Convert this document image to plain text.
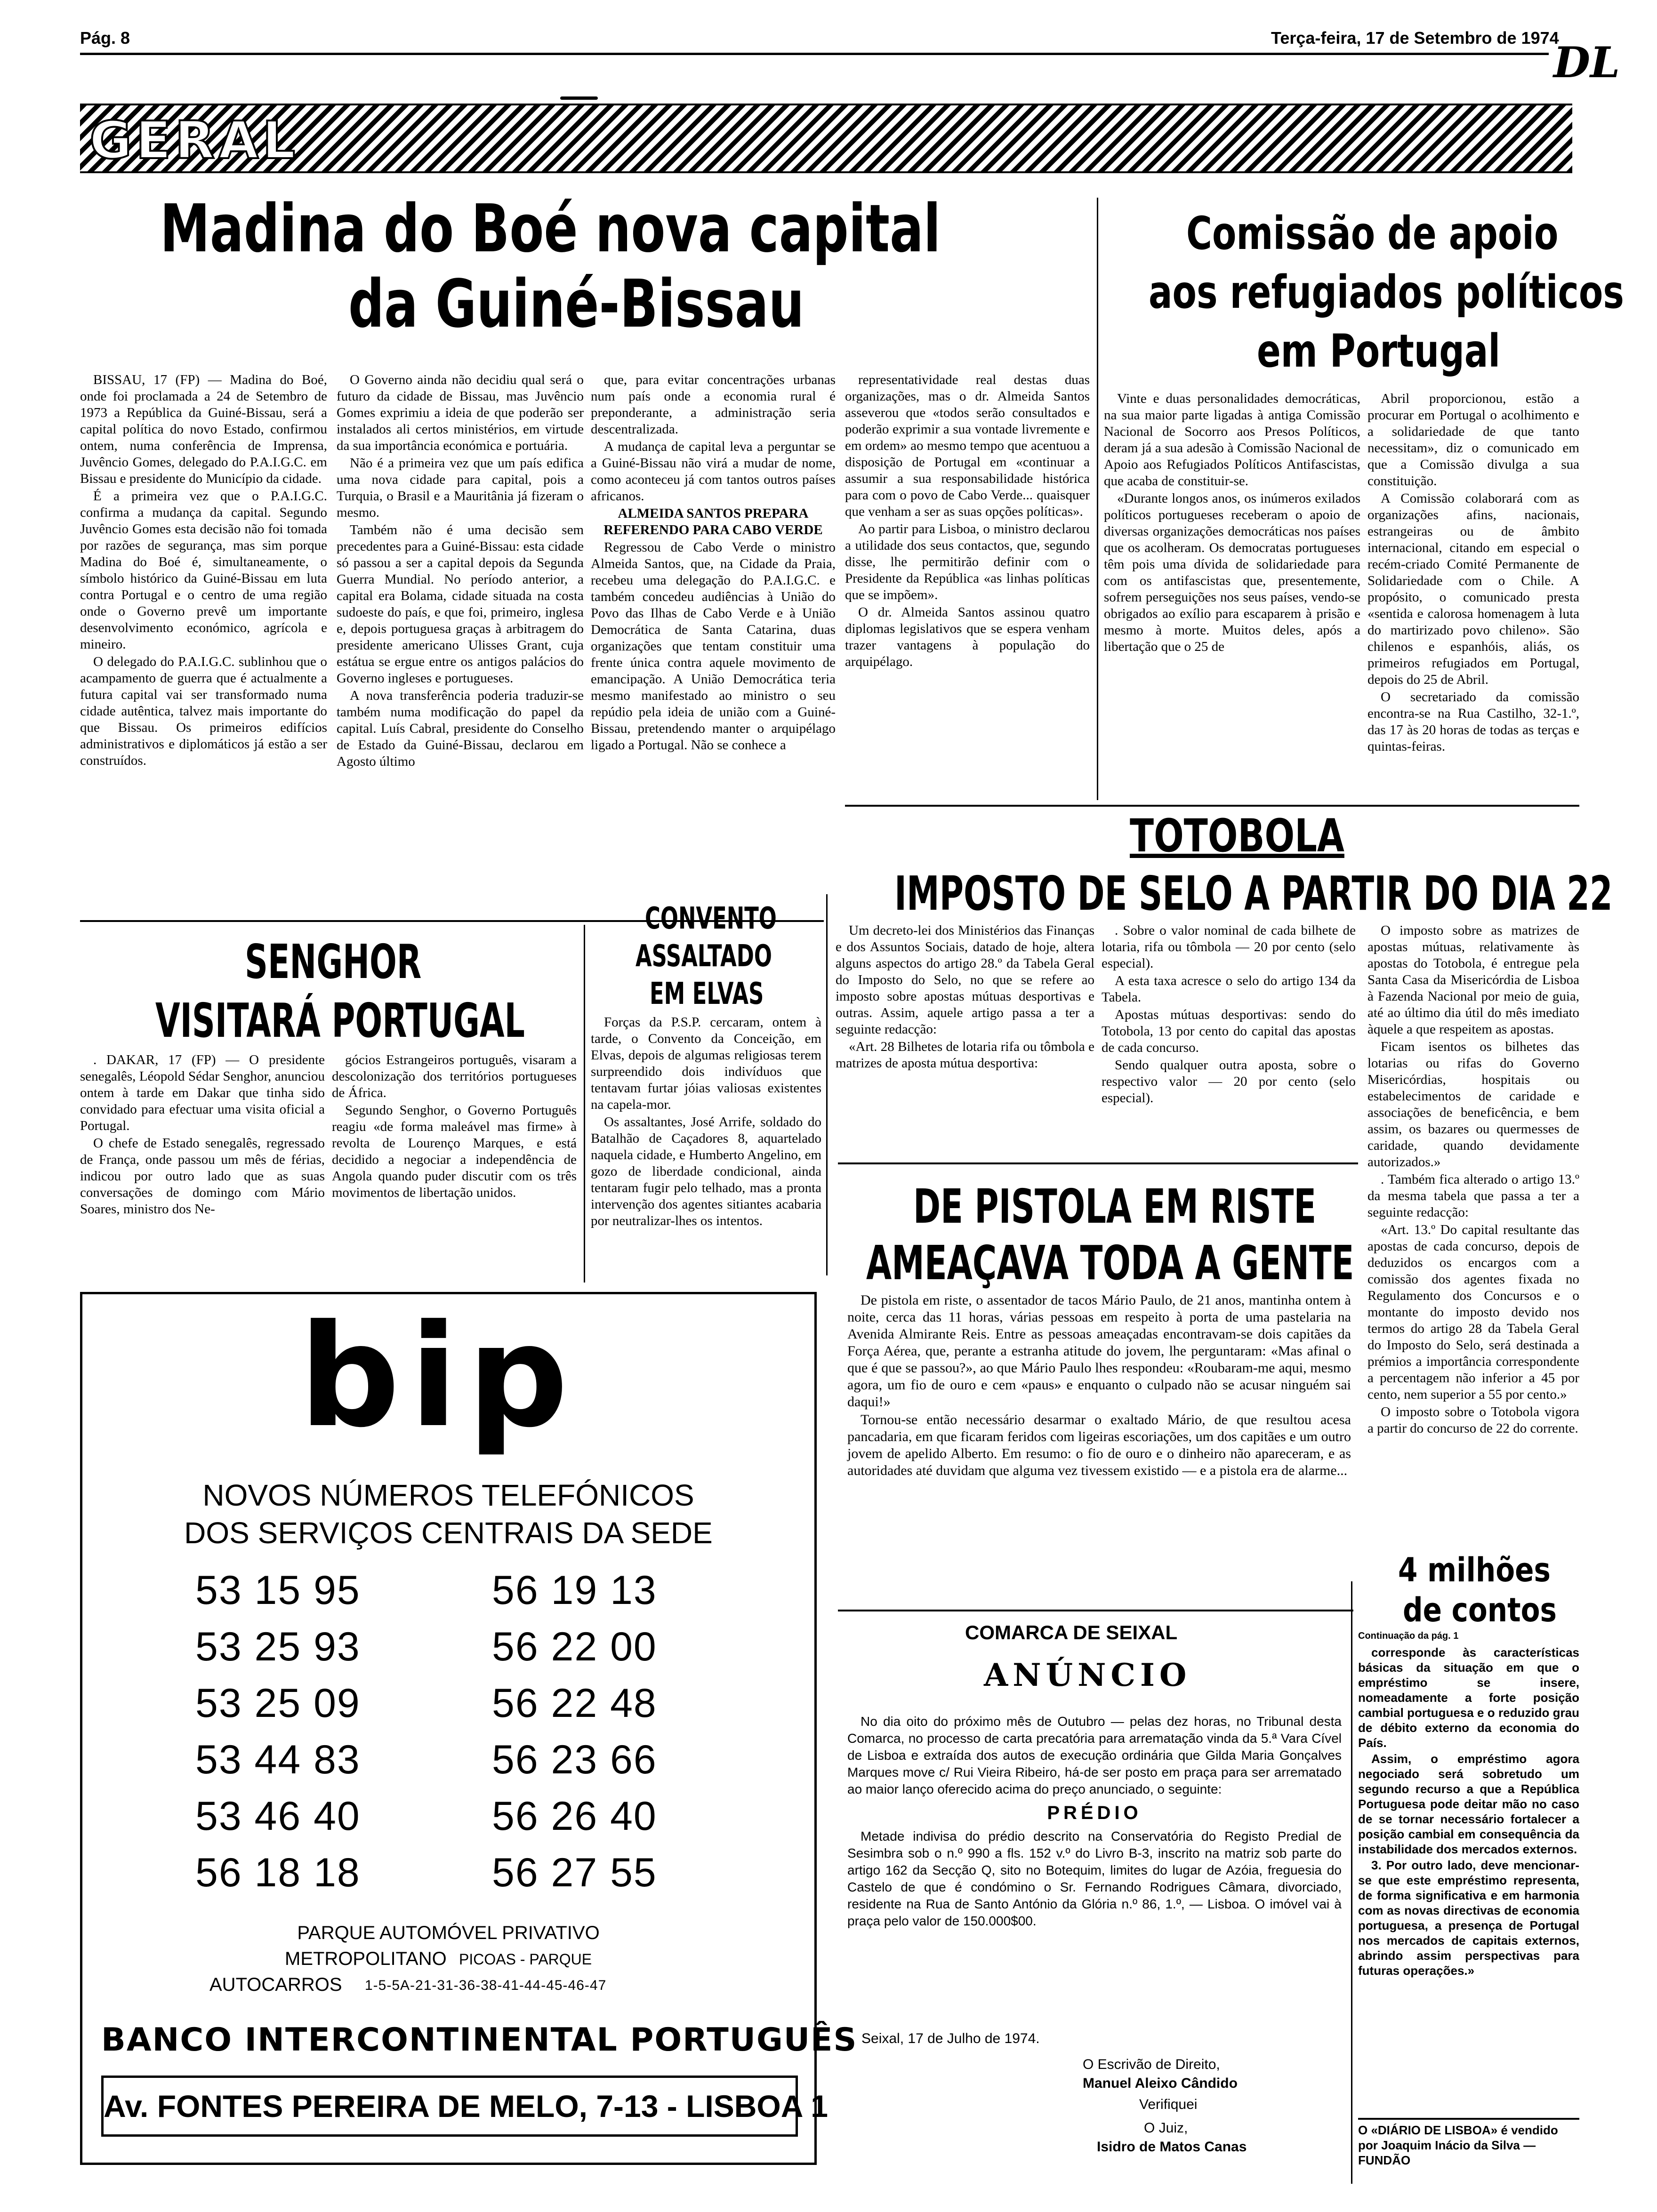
Pág. 8	Terça-feira, 17 de Setembro de 1974
DL
GERAL
Madina do Boé nova capital
da Guiné-Bissau

BISSAU, 17 (FP) — Madina do Boé, onde foi proclamada a 24 de Setembro de 1973 a República da Guiné-Bissau, será a capital política do novo Estado, confirmou ontem, numa conferência de Imprensa, Juvêncio Gomes, delegado do P.A.I.G.C. em Bissau e presidente do Município da cidade.

É a primeira vez que o P.A.I.G.C. confirma a mudança da capital. Segundo Juvêncio Gomes esta decisão não foi tomada por razões de segurança, mas sim porque Madina do Boé é, simultaneamente, o símbolo histórico da Guiné-Bissau em luta contra Portugal e o centro de uma região onde o Governo prevê um importante desenvolvimento económico, agrícola e mineiro.

O delegado do P.A.I.G.C. sublinhou que o acampamento de guerra que é actualmente a futura capital vai ser transformado numa cidade autêntica, talvez mais importante do que Bissau. Os primeiros edifícios administrativos e diplomáticos já estão a ser construídos.

O Governo ainda não decidiu qual será o futuro da cidade de Bissau, mas Juvêncio Gomes exprimiu a ideia de que poderão ser instalados ali certos ministérios, em virtude da sua importância económica e portuária.

Não é a primeira vez que um país edifica uma nova cidade para capital, pois a Turquia, o Brasil e a Mauritânia já fizeram o mesmo.

Também não é uma decisão sem precedentes para a Guiné-Bissau: esta cidade só passou a ser a capital depois da Segunda Guerra Mundial. No período anterior, a capital era Bolama, cidade situada na costa sudoeste do país, e que foi, primeiro, inglesa e, depois portuguesa graças à arbitragem do presidente americano Ulisses Grant, cuja estátua se ergue entre os antigos palácios do Governo ingleses e portugueses.

A nova transferência poderia traduzir-se também numa modificação do papel da capital. Luís Cabral, presidente do Conselho de Estado da Guiné-Bissau, declarou em Agosto último

que, para evitar concentrações urbanas num país onde a economia rural é preponderante, a administração seria descentralizada.

A mudança de capital leva a perguntar se a Guiné-Bissau não virá a mudar de nome, como aconteceu já com tantos outros países africanos.

ALMEIDA SANTOS PREPARA REFERENDO PARA CABO VERDE

Regressou de Cabo Verde o ministro Almeida Santos, que, na Cidade da Praia, recebeu uma delegação do P.A.I.G.C. e também concedeu audiências à União do Povo das Ilhas de Cabo Verde e à União Democrática de Santa Catarina, duas organizações que tentam constituir uma frente única contra aquele movimento de emancipação. A União Democrática teria mesmo manifestado ao ministro o seu repúdio pela ideia de união com a Guiné-Bissau, pretendendo manter o arquipélago ligado a Portugal. Não se conhece a

representatividade real destas duas organizações, mas o dr. Almeida Santos asseverou que «todos serão consultados e poderão exprimir a sua vontade livremente e em ordem» ao mesmo tempo que acentuou a disposição de Portugal em «continuar a assumir a sua responsabilidade histórica para com o povo de Cabo Verde... quaisquer que venham a ser as suas opções políticas».

Ao partir para Lisboa, o ministro declarou a utilidade dos seus contactos, que, segundo disse, lhe permitirão definir com o Presidente da República «as linhas políticas que se impõem».

O dr. Almeida Santos assinou quatro diplomas legislativos que se espera venham trazer vantagens à população do arquipélago.

Comissão de apoio
aos refugiados políticos
em Portugal

Vinte e duas personalidades democráticas, na sua maior parte ligadas à antiga Comissão Nacional de Socorro aos Presos Políticos, deram já a sua adesão à Comissão Nacional de Apoio aos Refugiados Políticos Antifascistas, que acaba de constituir-se.

«Durante longos anos, os inúmeros exilados políticos portugueses receberam o apoio de diversas organizações democráticas nos países que os acolheram. Os democratas portugueses têm pois uma dívida de solidariedade para com os antifascistas que, presentemente, sofrem perseguições nos seus países, vendo-se obrigados ao exílio para escaparem à prisão e mesmo à morte. Muitos deles, após a libertação que o 25 de

Abril proporcionou, estão a procurar em Portugal o acolhimento e a solidariedade de que tanto necessitam», diz o comunicado em que a Comissão divulga a sua constituição.

A Comissão colaborará com as organizações afins, nacionais, estrangeiras ou de âmbito internacional, citando em especial o recém-criado Comité Permanente de Solidariedade com o Chile. A propósito, o comunicado presta «sentida e calorosa homenagem à luta do martirizado povo chileno». São chilenos e espanhóis, aliás, os primeiros refugiados em Portugal, depois do 25 de Abril.

O secretariado da comissão encontra-se na Rua Castilho, 32-1.º, das 17 às 20 horas de todas as terças e quintas-feiras.

TOTOBOLA
IMPOSTO DE SELO A PARTIR DO DIA 22

Um decreto-lei dos Ministérios das Finanças e dos Assuntos Sociais, datado de hoje, altera alguns aspectos do artigo 28.º da Tabela Geral do Imposto do Selo, no que se refere ao imposto sobre apostas mútuas desportivas e outras. Assim, aquele artigo passa a ter a seguinte redacção:

«Art. 28 Bilhetes de lotaria rifa ou tômbola e matrizes de aposta mútua desportiva:

. Sobre o valor nominal de cada bilhete de lotaria, rifa ou tômbola — 20 por cento (selo especial).

A esta taxa acresce o selo do artigo 134 da Tabela.

Apostas mútuas desportivas: sendo do Totobola, 13 por cento do capital das apostas de cada concurso.

Sendo qualquer outra aposta, sobre o respectivo valor — 20 por cento (selo especial).

O imposto sobre as matrizes de apostas mútuas, relativamente às apostas do Totobola, é entregue pela Santa Casa da Misericórdia de Lisboa à Fazenda Nacional por meio de guia, até ao último dia útil do mês imediato àquele a que respeitem as apostas.

Ficam isentos os bilhetes das lotarias ou rifas do Governo Misericórdias, hospitais ou estabelecimentos de caridade e associações de beneficência, e bem assim, os bazares ou quermesses de caridade, quando devidamente autorizados.»

. Também fica alterado o artigo 13.º da mesma tabela que passa a ter a seguinte redacção:

«Art. 13.º Do capital resultante das apostas de cada concurso, depois de deduzidos os encargos com a comissão dos agentes fixada no Regulamento dos Concursos e o montante do imposto devido nos termos do artigo 28 da Tabela Geral do Imposto do Selo, será destinada a prémios a importância correspondente a percentagem não inferior a 45 por cento, nem superior a 55 por cento.»

O imposto sobre o Totobola vigora a partir do concurso de 22 do corrente.

SENGHOR
VISITARÁ PORTUGAL

. DAKAR, 17 (FP) — O presidente senegalês, Léopold Sédar Senghor, anunciou ontem à tarde em Dakar que tinha sido convidado para efectuar uma visita oficial a Portugal.

O chefe de Estado senegalês, regressado de França, onde passou um mês de férias, indicou por outro lado que as suas conversações de domingo com Mário Soares, ministro dos Ne-

gócios Estrangeiros português, visaram a descolonização dos territórios portugueses de África.

Segundo Senghor, o Governo Português reagiu «de forma maleável mas firme» à revolta de Lourenço Marques, e está decidido a negociar a independência de Angola quando puder discutir com os três movimentos de libertação unidos.

CONVENTO
ASSALTADO
EM ELVAS

Forças da P.S.P. cercaram, ontem à tarde, o Convento da Conceição, em Elvas, depois de algumas religiosas terem surpreendido dois indivíduos que tentavam furtar jóias valiosas existentes na capela-mor.

Os assaltantes, José Arrife, soldado do Batalhão de Caçadores 8, aquartelado naquela cidade, e Humberto Angelino, em gozo de liberdade condicional, ainda tentaram fugir pelo telhado, mas a pronta intervenção dos agentes sitiantes acabaria por neutralizar-lhes os intentos.	DE PISTOLA EM RISTE
AMEAÇAVA TODA A GENTE

De pistola em riste, o assentador de tacos Mário Paulo, de 21 anos, mantinha ontem à noite, cerca das 11 horas, várias pessoas em respeito à porta de uma pastelaria na Avenida Almirante Reis. Entre as pessoas ameaçadas encontravam-se dois capitães da Força Aérea, que, perante a estranha atitude do jovem, lhe perguntaram: «Mas afinal o que é que se passou?», ao que Mário Paulo lhes respondeu: «Roubaram-me aqui, mesmo agora, um fio de ouro e cem «paus» e enquanto o culpado não se acusar ninguém sai daqui!»

Tornou-se então necessário desarmar o exaltado Mário, de que resultou acesa pancadaria, em que ficaram feridos com ligeiras escoriações, um dos capitães e um outro jovem de apelido Alberto. Em resumo: o fio de ouro e o dinheiro não apareceram, e as autoridades até duvidam que alguma vez tivessem existido — e a pistola era de alarme...

bip
NOVOS NÚMEROS TELEFÓNICOS
DOS SERVIÇOS CENTRAIS DA SEDE
53 15 95
53 25 93
53 25 09
53 44 83
53 46 40
56 18 18
56 19 13
56 22 00
56 22 48
56 23 66
56 26 40
56 27 55
PARQUE AUTOMÓVEL PRIVATIVO
METROPOLITANO PICOAS - PARQUE
AUTOCARROS 1-5-5A-21-31-36-38-41-44-45-46-47
BANCO INTERCONTINENTAL PORTUGUÊS
Av. FONTES PEREIRA DE MELO, 7-13 - LISBOA 1
COMARCA DE SEIXAL
ANÚNCIO

No dia oito do próximo mês de Outubro — pelas dez horas, no Tribunal desta Comarca, no processo de carta precatória para arrematação vinda da 5.ª Vara Cível de Lisboa e extraída dos autos de execução ordinária que Gilda Maria Gonçalves Marques move c/ Rui Vieira Ribeiro, há-de ser posto em praça para ser arrematado ao maior lanço oferecido acima do preço anunciado, o seguinte:

PRÉDIO

Metade indivisa do prédio descrito na Conservatória do Registo Predial de Sesimbra sob o n.º 990 a fls. 152 v.º do Livro B-3, inscrito na matriz sob parte do artigo 162 da Secção Q, sito no Botequim, limites do lugar de Azóia, freguesia do Castelo de que é condómino o Sr. Fernando Rodrigues Câmara, divorciado, residente na Rua de Santo António da Glória n.º 86, 1.º, — Lisboa. O imóvel vai à praça pelo valor de 150.000$00.

Seixal, 17 de Julho de 1974.
O Escrivão de Direito,
Manuel Aleixo Cândido
Verifiquei
O Juiz,
Isidro de Matos Canas
4 milhões
de contos
Continuação da pág. 1

corresponde às características básicas da situação em que o empréstimo se insere, nomeadamente a forte posição cambial portuguesa e o reduzido grau de débito externo da economia do País.

Assim, o empréstimo agora negociado será sobretudo um segundo recurso a que a República Portuguesa pode deitar mão no caso de se tornar necessário fortalecer a posição cambial em consequência da instabilidade dos mercados externos.

3. Por outro lado, deve mencionar-se que este empréstimo representa, de forma significativa e em harmonia com as novas directivas de economia portuguesa, a presença de Portugal nos mercados de capitais externos, abrindo assim perspectivas para futuras operações.»

O «DIÁRIO DE LISBOA» é vendido por Joaquim Inácio da Silva — FUNDÃO
